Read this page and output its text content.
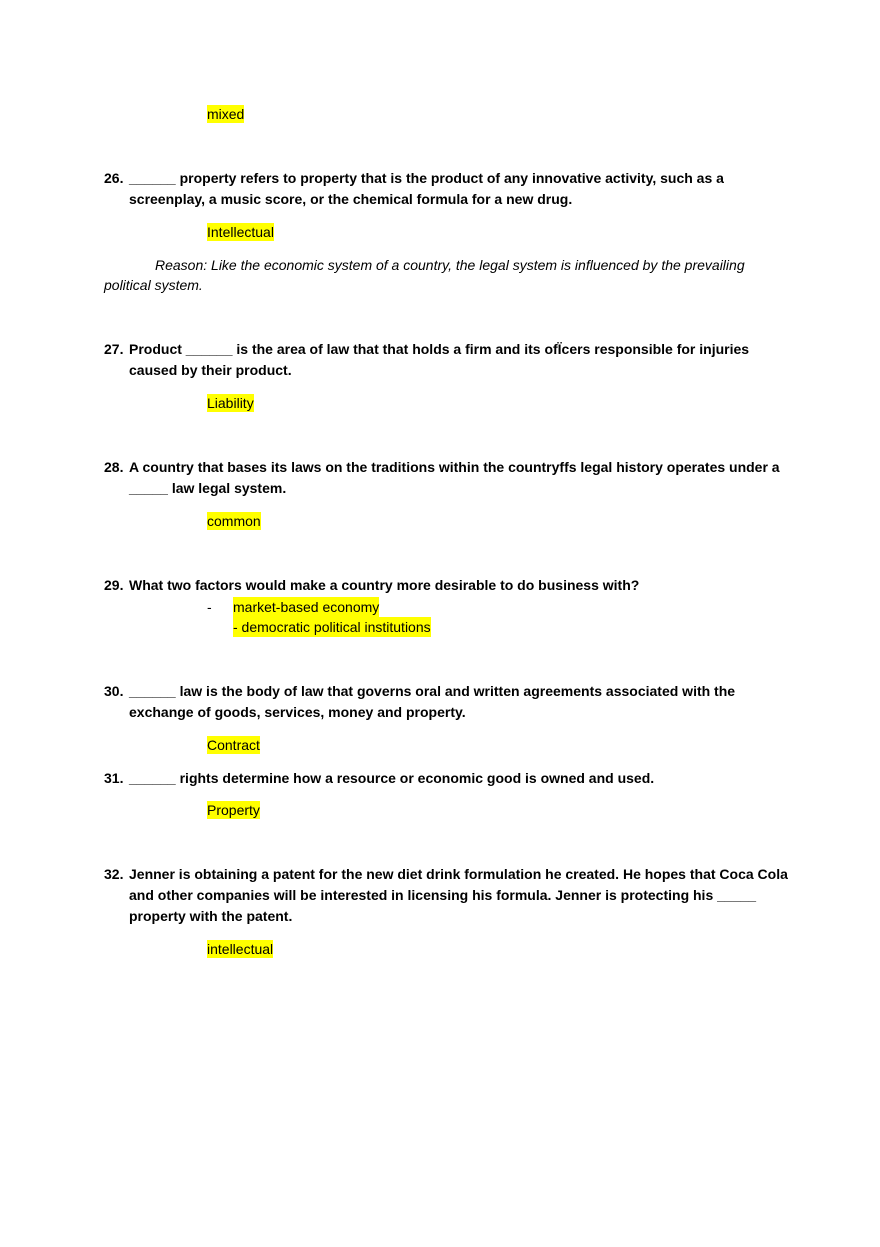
mixed
26. ______ property refers to property that is the product of any innovative activity, such as a screenplay, a music score, or the chemical formula for a new drug.
Intellectual
Reason: Like the economic system of a country, the legal system is influenced by the prevailing political system.
27. Product ______ is the area of law that that holds a firm and its ofÏcers responsible for injuries caused by their product.
Liability
28. A country that bases its laws on the traditions within the countryffs legal history operates under a _____ law legal system.
common
29. What two factors would make a country more desirable to do business with?
- market-based economy
- democratic political institutions
30. ______ law is the body of law that governs oral and written agreements associated with the exchange of goods, services, money and property.
Contract
31. ______ rights determine how a resource or economic good is owned and used.
Property
32. Jenner is obtaining a patent for the new diet drink formulation he created. He hopes that Coca Cola and other companies will be interested in licensing his formula. Jenner is protecting his _____ property with the patent.
intellectual
